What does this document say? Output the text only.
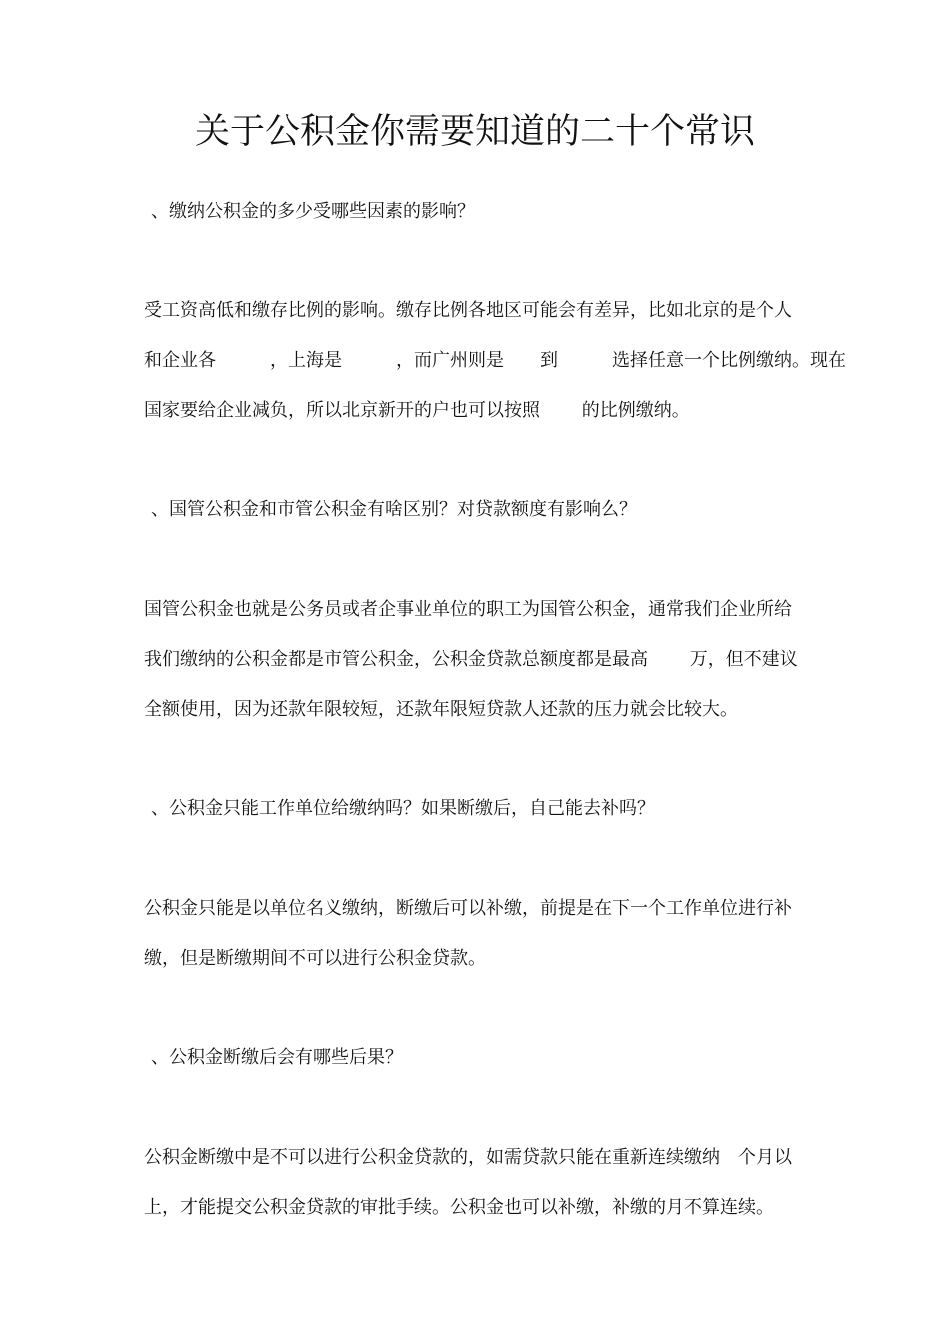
关于公积金你需要知道的二十个常识
、缴纳公积金的多少受哪些因素的影响？
受工资高低和缴存比例的影响。缴存比例各地区可能会有差异，比如北京的是个人
和企业各　　　，上海是　　　，而广州则是　　到　　　选择任意一个比例缴纳。现在
国家要给企业减负，所以北京新开的户也可以按照　　 的比例缴纳。
、国管公积金和市管公积金有啥区别？对贷款额度有影响么？
国管公积金也就是公务员或者企事业单位的职工为国管公积金，通常我们企业所给
我们缴纳的公积金都是市管公积金，公积金贷款总额度都是最高　　 万，但不建议
全额使用，因为还款年限较短，还款年限短贷款人还款的压力就会比较大。
、公积金只能工作单位给缴纳吗？如果断缴后，自己能去补吗？
公积金只能是以单位名义缴纳，断缴后可以补缴，前提是在下一个工作单位进行补
缴，但是断缴期间不可以进行公积金贷款。
、公积金断缴后会有哪些后果？
公积金断缴中是不可以进行公积金贷款的，如需贷款只能在重新连续缴纳　个月以
上，才能提交公积金贷款的审批手续。公积金也可以补缴，补缴的月不算连续。
